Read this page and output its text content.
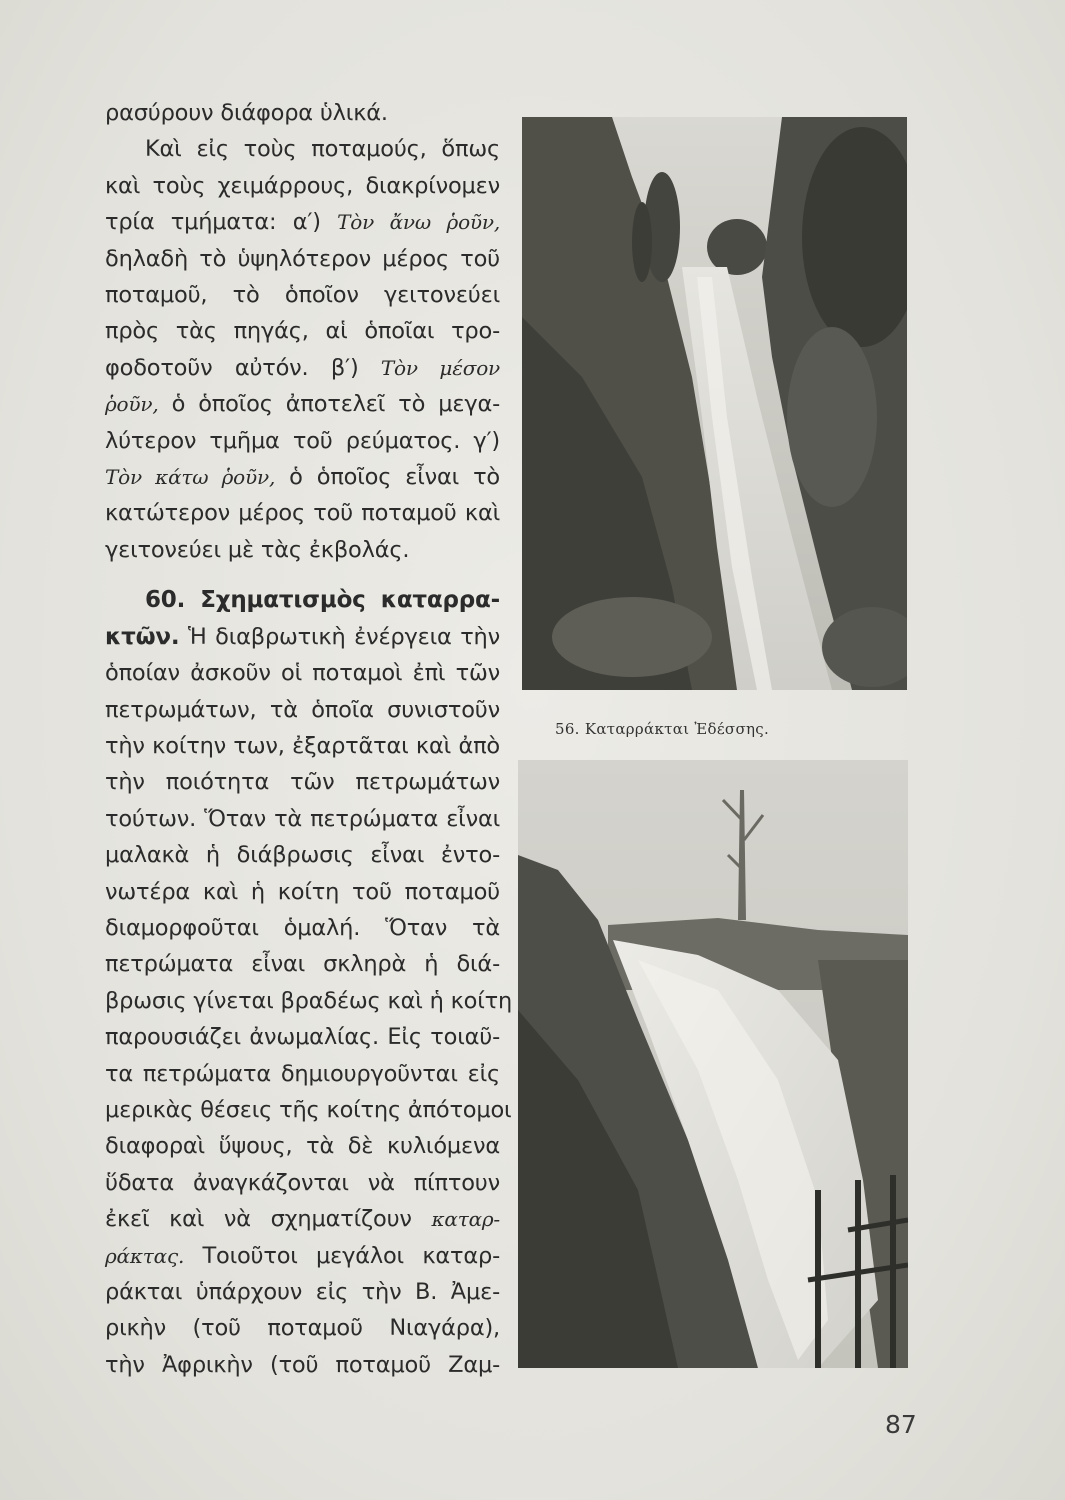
ρασύρουν διάφορα ὑλικά.
Καὶ εἰς τοὺς ποταμούς, ὅπως
καὶ τοὺς χειμάρρους, διακρίνομεν
τρία τμήματα: α′) Τὸν ἄνω ῥοῦν,
δηλαδὴ τὸ ὑψηλότερον μέρος τοῦ
ποταμοῦ, τὸ ὁποῖον γειτονεύει
πρὸς τὰς πηγάς, αἱ ὁποῖαι τρο-
φοδοτοῦν αὐτόν. β′) Τὸν μέσον
ῥοῦν, ὁ ὁποῖος ἀποτελεῖ τὸ μεγα-
λύτερον τμῆμα τοῦ ρεύματος. γ′)
Τὸν κάτω ῥοῦν, ὁ ὁποῖος εἶναι τὸ
κατώτερον μέρος τοῦ ποταμοῦ καὶ
γειτονεύει μὲ τὰς ἐκβολάς.
60. Σχηματισμὸς καταρρα-
κτῶν. Ἡ διαβρωτικὴ ἐνέργεια τὴν
ὁποίαν ἀσκοῦν οἱ ποταμοὶ ἐπὶ τῶν
πετρωμάτων, τὰ ὁποῖα συνιστοῦν
τὴν κοίτην των, ἐξαρτᾶται καὶ ἀπὸ
τὴν ποιότητα τῶν πετρωμάτων
τούτων. Ὅταν τὰ πετρώματα εἶναι
μαλακὰ ἡ διάβρωσις εἶναι ἐντο-
νωτέρα καὶ ἡ κοίτη τοῦ ποταμοῦ
διαμορφοῦται ὁμαλή. Ὅταν τὰ
πετρώματα εἶναι σκληρὰ ἡ διά-
βρωσις γίνεται βραδέως καὶ ἡ κοίτη
παρουσιάζει ἀνωμαλίας. Εἰς τοιαῦ-
τα πετρώματα δημιουργοῦνται εἰς
μερικὰς θέσεις τῆς κοίτης ἀπότομοι
διαφοραὶ ὕψους, τὰ δὲ κυλιόμενα
ὕδατα ἀναγκάζονται νὰ πίπτουν
ἐκεῖ καὶ νὰ σχηματίζουν καταρ-
ράκτας. Τοιοῦτοι μεγάλοι καταρ-
ράκται ὑπάρχουν εἰς τὴν Β. Ἀμε-
ρικὴν (τοῦ ποταμοῦ Νιαγάρα),
τὴν Ἀφρικὴν (τοῦ ποταμοῦ Ζαμ-
56. Καταρράκται Ἐδέσσης.
87
